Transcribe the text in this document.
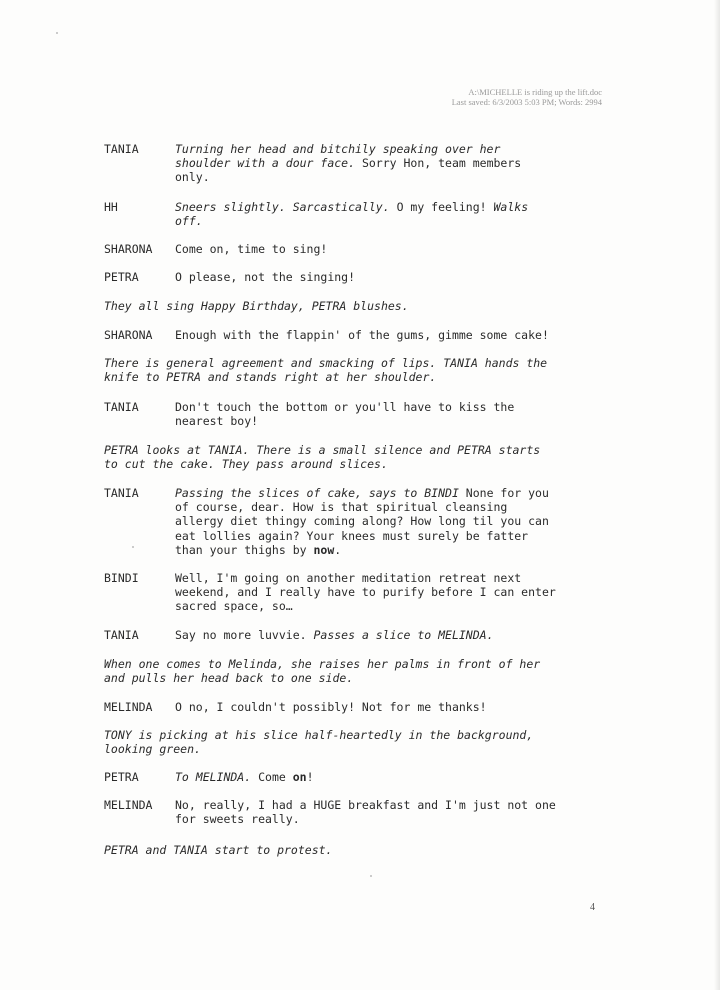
A:\MICHELLE is riding up the lift.doc
Last saved: 6/3/2003 5:03 PM; Words: 2994
TANIA	Turning her head and bitchily speaking over her
shoulder with a dour face. Sorry Hon, team members
only.
HH	Sneers slightly. Sarcastically. O my feeling! Walks
off.
SHARONA Come on, time to sing!
PETRA	O please, not the singing!
They all sing Happy Birthday, PETRA blushes.
SHARONA Enough with the flappin' of the gums, gimme some cake!
There is general agreement and smacking of lips. TANIA hands the
knife to PETRA and stands right at her shoulder.
TANIA	Don't touch the bottom or you'll have to kiss the
nearest boy!
PETRA looks at TANIA. There is a small silence and PETRA starts
to cut the cake. They pass around slices.
TANIA	Passing the slices of cake, says to BINDI None for you
of course, dear. How is that spiritual cleansing
allergy diet thingy coming along? How long til you can
eat lollies again? Your knees must surely be fatter
than your thighs by now.
BINDI	Well, I'm going on another meditation retreat next
weekend, and I really have to purify before I can enter
sacred space, so…
TANIA	Say no more luvvie. Passes a slice to MELINDA.
When one comes to Melinda, she raises her palms in front of her
and pulls her head back to one side.
MELINDA O no, I couldn't possibly! Not for me thanks!
TONY is picking at his slice half-heartedly in the background,
looking green.
PETRA	To MELINDA. Come on!
MELINDA No, really, I had a HUGE breakfast and I'm just not one
for sweets really.
PETRA and TANIA start to protest.
4
